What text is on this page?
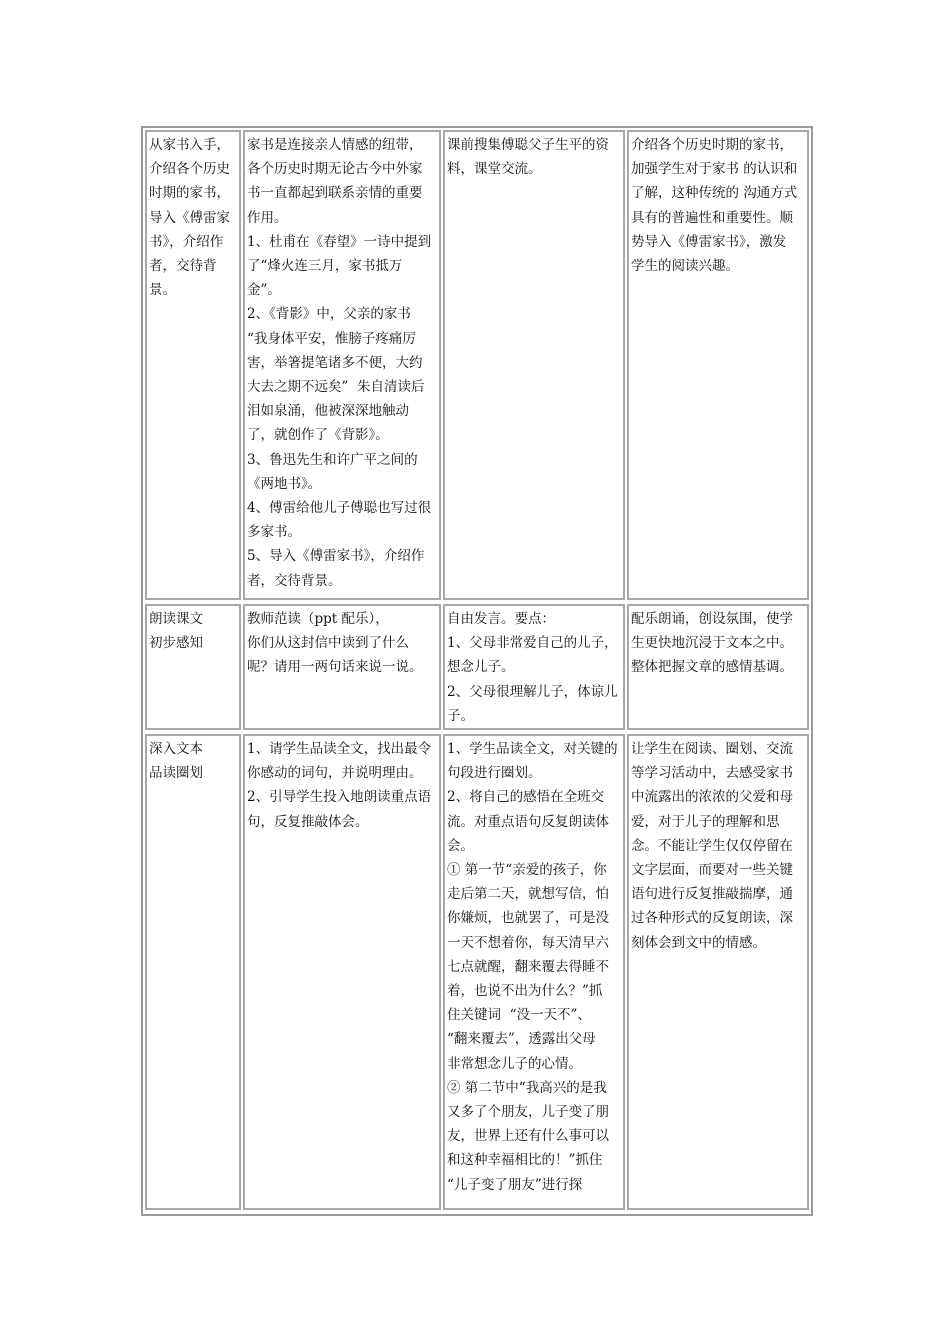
从家书入手，
介绍各个历史
时期的家书，
导入《傅雷家
书》，介绍作
者，交待背
景。
家书是连接亲人情感的纽带，
各个历史时期无论古今中外家
书一直都起到联系亲情的重要
作用。
1、杜甫在《春望》一诗中提到
了“烽火连三月，家书抵万
金”。
2、《背影》中，父亲的家书
“我身体平安，惟膀子疼痛厉
害，举箸提笔诸多不便，大约
大去之期不远矣”  朱自清读后
泪如泉涌，他被深深地触动
了，就创作了《背影》。
3、鲁迅先生和许广平之间的
《两地书》。
4、傅雷给他儿子傅聪也写过很
多家书。
5、导入《傅雷家书》，介绍作
者，交待背景。
课前搜集傅聪父子生平的资
料，课堂交流。
介绍各个历史时期的家书，
加强学生对于家书 的认识和
了解，这种传统的 沟通方式
具有的普遍性和重要性。顺
势导入《傅雷家书》，激发
学生的阅读兴趣。
朗读课文
初步感知
教师范读（ppt 配乐），
你们从这封信中读到了什么
呢？请用一两句话来说一说。
自由发言。要点：
1、父母非常爱自己的儿子，
想念儿子。
2、父母很理解儿子，体谅儿
子。
配乐朗诵，创设氛围，使学
生更快地沉浸于文本之中。
整体把握文章的感情基调。
深入文本
品读圈划
1、请学生品读全文，找出最令
你感动的词句，并说明理由。
2、引导学生投入地朗读重点语
句，反复推敲体会。
1、学生品读全文，对关键的
句段进行圈划。
2、将自己的感悟在全班交
流。对重点语句反复朗读体
会。
① 第一节“亲爱的孩子，你
走后第二天，就想写信，怕
你嫌烦，也就罢了，可是没
一天不想着你，每天清早六
七点就醒，翻来覆去得睡不
着，也说不出为什么？”抓
住关键词  “没一天不”、
“翻来覆去”，透露出父母
非常想念儿子的心情。
② 第二节中“我高兴的是我
又多了个朋友，儿子变了朋
友，世界上还有什么事可以
和这种幸福相比的！”抓住
“儿子变了朋友”进行探
让学生在阅读、圈划、交流
等学习活动中，去感受家书
中流露出的浓浓的父爱和母
爱，对于儿子的理解和思
念。不能让学生仅仅停留在
文字层面，而要对一些关键
语句进行反复推敲揣摩，通
过各种形式的反复朗读，深
刻体会到文中的情感。
